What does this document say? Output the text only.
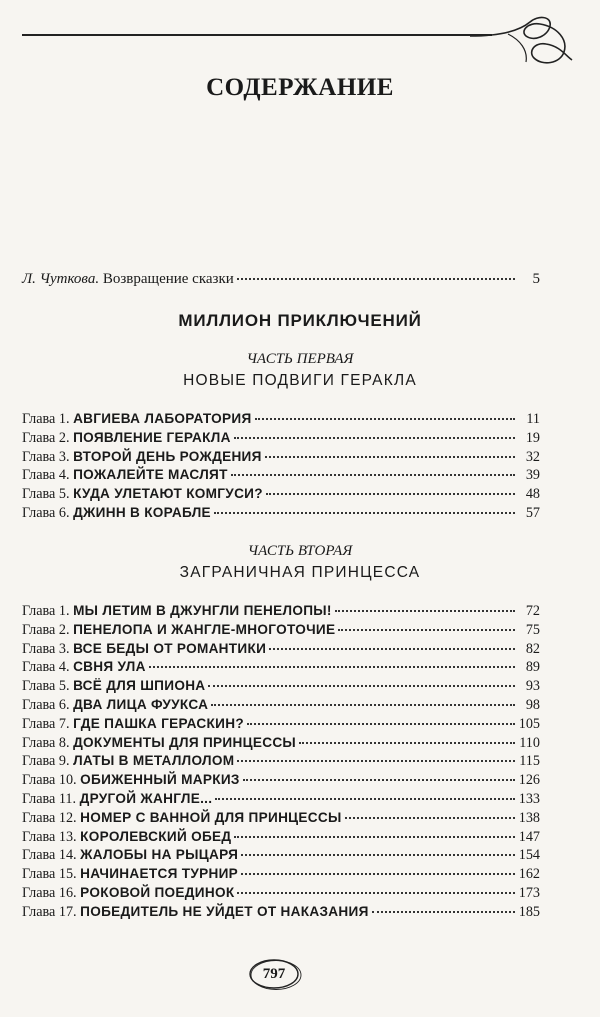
СОДЕРЖАНИЕ
Л. Чуткова. Возвращение сказки	5
МИЛЛИОН ПРИКЛЮЧЕНИЙ
ЧАСТЬ ПЕРВАЯ
НОВЫЕ ПОДВИГИ ГЕРАКЛА
Глава 1. АВГИЕВА ЛАБОРАТОРИЯ	11
Глава 2. ПОЯВЛЕНИЕ ГЕРАКЛА	19
Глава 3. ВТОРОЙ ДЕНЬ РОЖДЕНИЯ	32
Глава 4. ПОЖАЛЕЙТЕ МАСЛЯТ	39
Глава 5. КУДА УЛЕТАЮТ КОМГУСИ?	48
Глава 6. ДЖИНН В КОРАБЛЕ	57
ЧАСТЬ ВТОРАЯ
ЗАГРАНИЧНАЯ ПРИНЦЕССА
Глава 1. МЫ ЛЕТИМ В ДЖУНГЛИ ПЕНЕЛОПЫ!	72
Глава 2. ПЕНЕЛОПА И ЖАНГЛЕ-МНОГОТОЧИЕ	75
Глава 3. ВСЕ БЕДЫ ОТ РОМАНТИКИ	82
Глава 4. СВНЯ УЛА	89
Глава 5. ВСЁ ДЛЯ ШПИОНА	93
Глава 6. ДВА ЛИЦА ФУУКСА	98
Глава 7. ГДЕ ПАШКА ГЕРАСКИН?	105
Глава 8. ДОКУМЕНТЫ ДЛЯ ПРИНЦЕССЫ	110
Глава 9. ЛАТЫ В МЕТАЛЛОЛОМ	115
Глава 10. ОБИЖЕННЫЙ МАРКИЗ	126
Глава 11. ДРУГОЙ ЖАНГЛЕ...	133
Глава 12. НОМЕР С ВАННОЙ ДЛЯ ПРИНЦЕССЫ	138
Глава 13. КОРОЛЕВСКИЙ ОБЕД	147
Глава 14. ЖАЛОБЫ НА РЫЦАРЯ	154
Глава 15. НАЧИНАЕТСЯ ТУРНИР	162
Глава 16. РОКОВОЙ ПОЕДИНОК	173
Глава 17. ПОБЕДИТЕЛЬ НЕ УЙДЕТ ОТ НАКАЗАНИЯ	185
797
